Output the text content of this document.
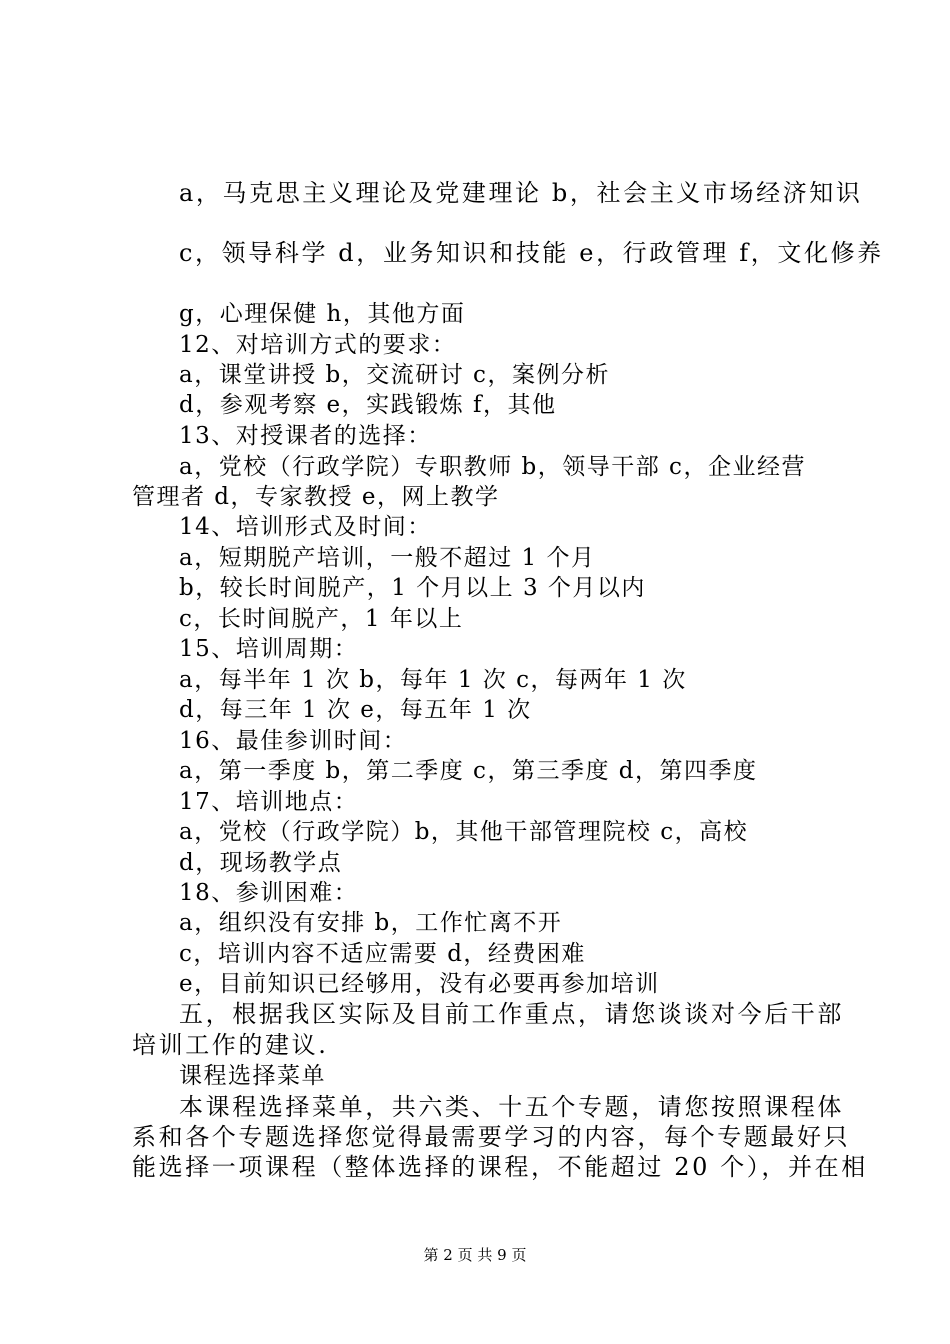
a，马克思主义理论及党建理论 b，社会主义市场经济知识
c，领导科学 d，业务知识和技能 e，行政管理 f，文化修养
g，心理保健 h，其他方面
12、对培训方式的要求：
a，课堂讲授 b，交流研讨 c，案例分析
d，参观考察 e，实践锻炼 f，其他
13、对授课者的选择：
a，党校（行政学院）专职教师 b，领导干部 c，企业经营
管理者 d，专家教授 e，网上教学
14、培训形式及时间：
a，短期脱产培训，一般不超过 1 个月
b，较长时间脱产，1 个月以上 3 个月以内
c，长时间脱产，1 年以上
15、培训周期：
a，每半年 1 次 b，每年 1 次 c，每两年 1 次
d，每三年 1 次 e，每五年 1 次
16、最佳参训时间：
a，第一季度 b，第二季度 c，第三季度 d，第四季度
17、培训地点：
a，党校（行政学院）b，其他干部管理院校 c，高校
d，现场教学点
18、参训困难：
a，组织没有安排 b，工作忙离不开
c，培训内容不适应需要 d，经费困难
e，目前知识已经够用，没有必要再参加培训
五，根据我区实际及目前工作重点，请您谈谈对今后干部
培训工作的建议.
课程选择菜单
本课程选择菜单，共六类、十五个专题，请您按照课程体
系和各个专题选择您觉得最需要学习的内容，每个专题最好只
能选择一项课程（整体选择的课程，不能超过 20 个），并在相
第 2 页 共 9 页
